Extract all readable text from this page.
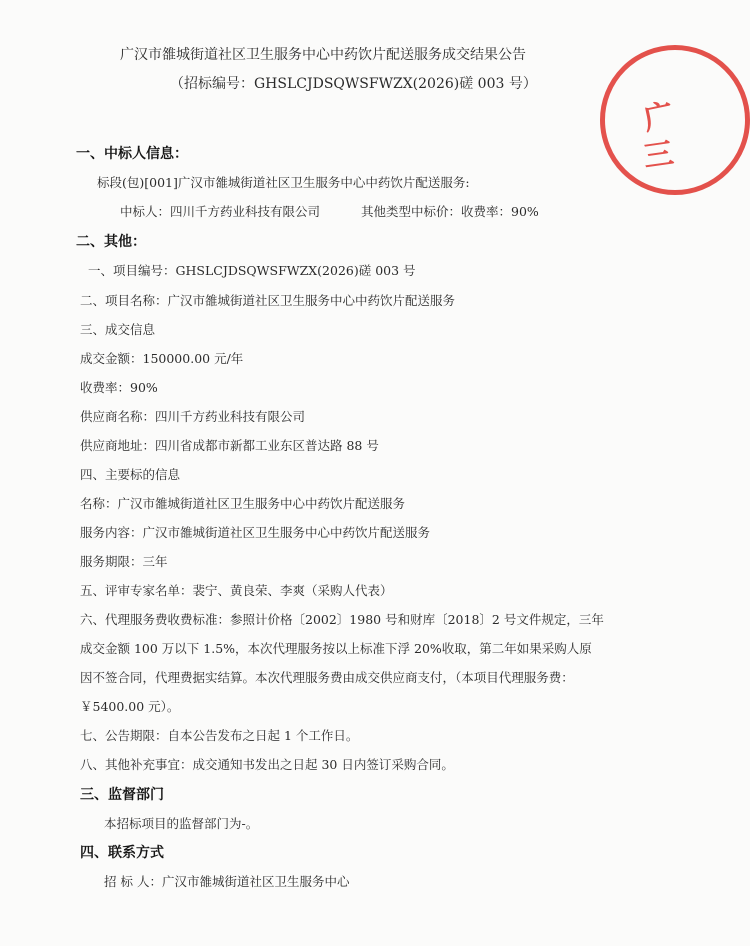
广汉市雒城街道社区卫生服务中心中药饮片配送服务成交结果公告
（招标编号：GHSLCJDSQWSFWZX(2026)磋 003 号）
一、中标人信息：
标段(包)[001]广汉市雒城街道社区卫生服务中心中药饮片配送服务:
中标人：四川千方药业科技有限公司	其他类型中标价：收费率：90%
二、其他：
一、项目编号：GHSLCJDSQWSFWZX(2026)磋 003 号
二、项目名称：广汉市雒城街道社区卫生服务中心中药饮片配送服务
三、成交信息
成交金额：150000.00 元/年
收费率：90%
供应商名称：四川千方药业科技有限公司
供应商地址：四川省成都市新都工业东区普达路 88 号
四、主要标的信息
名称：广汉市雒城街道社区卫生服务中心中药饮片配送服务
服务内容：广汉市雒城街道社区卫生服务中心中药饮片配送服务
服务期限：三年
五、评审专家名单：裴宁、黄良荣、李爽（采购人代表）
六、代理服务费收费标准：参照计价格〔2002〕1980 号和财库〔2018〕2 号文件规定，三年
成交金额 100 万以下 1.5%，本次代理服务按以上标准下浮 20%收取，第二年如果采购人原
因不签合同，代理费据实结算。本次代理服务费由成交供应商支付，（本项目代理服务费：
￥5400.00 元）。
七、公告期限：自本公告发布之日起 1 个工作日。
八、其他补充事宜：成交通知书发出之日起 30 日内签订采购合同。
三、监督部门
本招标项目的监督部门为-。
四、联系方式
招 标 人：广汉市雒城街道社区卫生服务中心
广
三
